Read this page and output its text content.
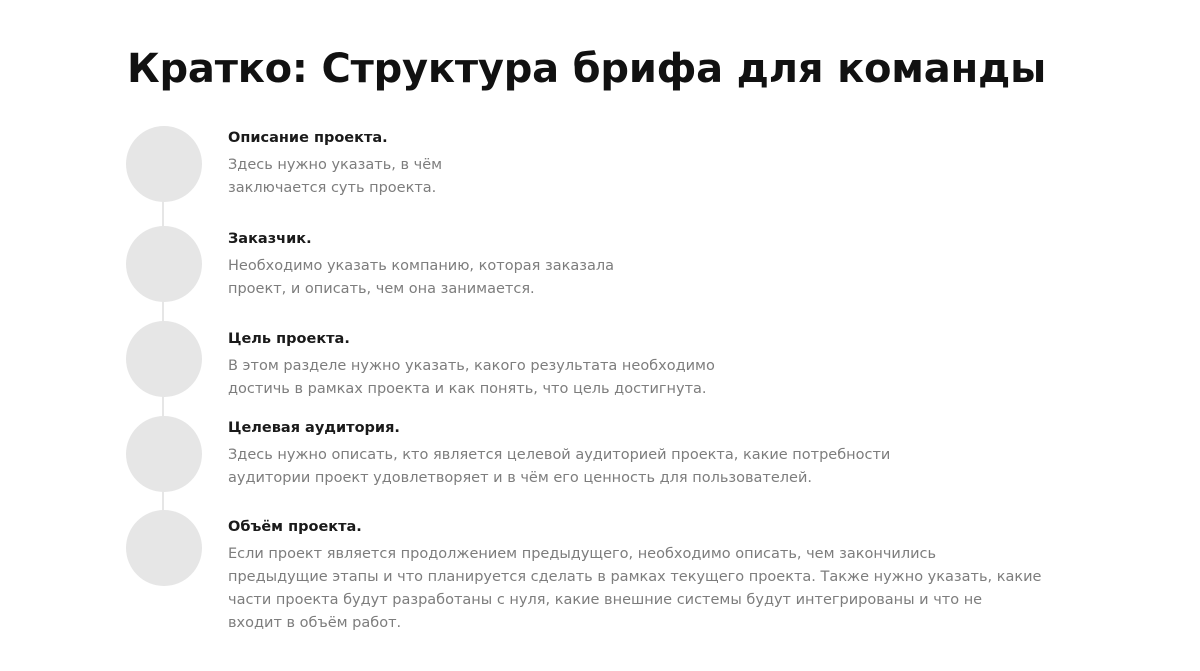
Кратко: Структура брифа для команды
Описание проекта.

Здесь нужно указать, в чём
заключается суть проекта.

Заказчик.

Необходимо указать компанию, которая заказала
проект, и описать, чем она занимается.

Цель проекта.

В этом разделе нужно указать, какого результата необходимо
достичь в рамках проекта и как понять, что цель достигнута.

Целевая аудитория.

Здесь нужно описать, кто является целевой аудиторией проекта, какие потребности
аудитории проект удовлетворяет и в чём его ценность для пользователей.

Объём проекта.

Если проект является продолжением предыдущего, необходимо описать, чем закончились
предыдущие этапы и что планируется сделать в рамках текущего проекта. Также нужно указать, какие
части проекта будут разработаны с нуля, какие внешние системы будут интегрированы и что не
входит в объём работ.
